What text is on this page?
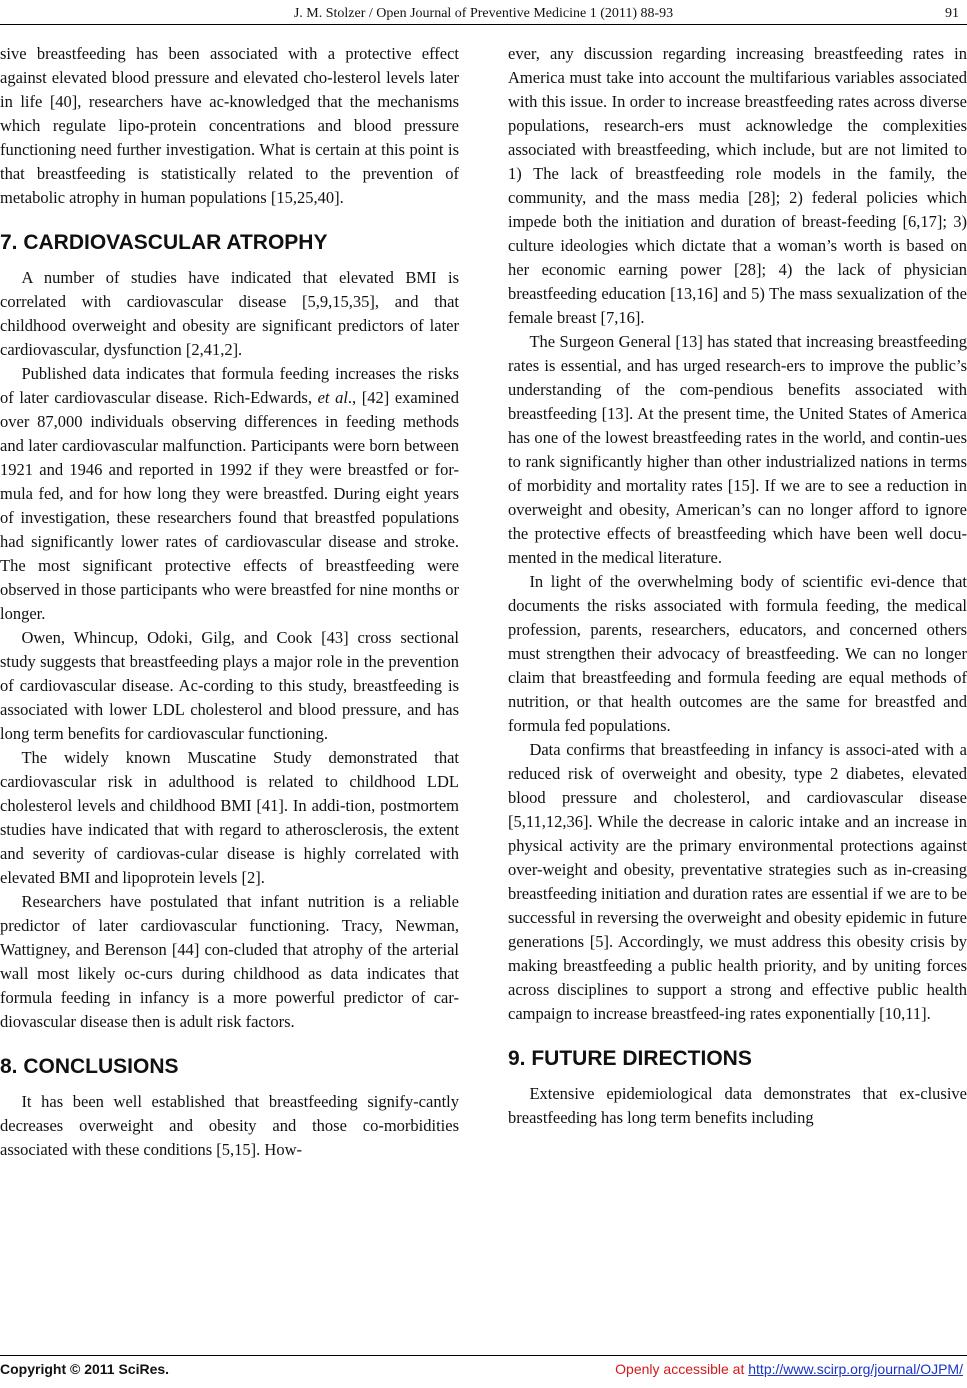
J. M. Stolzer / Open Journal of Preventive Medicine 1 (2011) 88-93	91

sive breastfeeding has been associated with a protective effect against elevated blood pressure and elevated cho-lesterol levels later in life [40], researchers have ac-knowledged that the mechanisms which regulate lipo-protein concentrations and blood pressure functioning need further investigation. What is certain at this point is that breastfeeding is statistically related to the prevention of metabolic atrophy in human populations [15,25,40].

7. CARDIOVASCULAR ATROPHY

A number of studies have indicated that elevated BMI is correlated with cardiovascular disease [5,9,15,35], and that childhood overweight and obesity are significant predictors of later cardiovascular, dysfunction [2,41,2].

Published data indicates that formula feeding increases the risks of later cardiovascular disease. Rich-Edwards, et al., [42] examined over 87,000 individuals observing differences in feeding methods and later cardiovascular malfunction. Participants were born between 1921 and 1946 and reported in 1992 if they were breastfed or for-mula fed, and for how long they were breastfed. During eight years of investigation, these researchers found that breastfed populations had significantly lower rates of cardiovascular disease and stroke. The most significant protective effects of breastfeeding were observed in those participants who were breastfed for nine months or longer.

Owen, Whincup, Odoki, Gilg, and Cook [43] cross sectional study suggests that breastfeeding plays a major role in the prevention of cardiovascular disease. Ac-cording to this study, breastfeeding is associated with lower LDL cholesterol and blood pressure, and has long term benefits for cardiovascular functioning.

The widely known Muscatine Study demonstrated that cardiovascular risk in adulthood is related to childhood LDL cholesterol levels and childhood BMI [41]. In addi-tion, postmortem studies have indicated that with regard to atherosclerosis, the extent and severity of cardiovas-cular disease is highly correlated with elevated BMI and lipoprotein levels [2].

Researchers have postulated that infant nutrition is a reliable predictor of later cardiovascular functioning. Tracy, Newman, Wattigney, and Berenson [44] con-cluded that atrophy of the arterial wall most likely oc-curs during childhood as data indicates that formula feeding in infancy is a more powerful predictor of car-diovascular disease then is adult risk factors.

8. CONCLUSIONS

It has been well established that breastfeeding signify-cantly decreases overweight and obesity and those co-morbidities associated with these conditions [5,15]. How-

ever, any discussion regarding increasing breastfeeding rates in America must take into account the multifarious variables associated with this issue. In order to increase breastfeeding rates across diverse populations, research-ers must acknowledge the complexities associated with breastfeeding, which include, but are not limited to 1) The lack of breastfeeding role models in the family, the community, and the mass media [28]; 2) federal policies which impede both the initiation and duration of breast-feeding [6,17]; 3) culture ideologies which dictate that a woman’s worth is based on her economic earning power [28]; 4) the lack of physician breastfeeding education [13,16] and 5) The mass sexualization of the female breast [7,16].

The Surgeon General [13] has stated that increasing breastfeeding rates is essential, and has urged research-ers to improve the public’s understanding of the com-pendious benefits associated with breastfeeding [13]. At the present time, the United States of America has one of the lowest breastfeeding rates in the world, and contin-ues to rank significantly higher than other industrialized nations in terms of morbidity and mortality rates [15]. If we are to see a reduction in overweight and obesity, American’s can no longer afford to ignore the protective effects of breastfeeding which have been well docu-mented in the medical literature.

In light of the overwhelming body of scientific evi-dence that documents the risks associated with formula feeding, the medical profession, parents, researchers, educators, and concerned others must strengthen their advocacy of breastfeeding. We can no longer claim that breastfeeding and formula feeding are equal methods of nutrition, or that health outcomes are the same for breastfed and formula fed populations.

Data confirms that breastfeeding in infancy is associ-ated with a reduced risk of overweight and obesity, type 2 diabetes, elevated blood pressure and cholesterol, and cardiovascular disease [5,11,12,36]. While the decrease in caloric intake and an increase in physical activity are the primary environmental protections against over-weight and obesity, preventative strategies such as in-creasing breastfeeding initiation and duration rates are essential if we are to be successful in reversing the overweight and obesity epidemic in future generations [5]. Accordingly, we must address this obesity crisis by making breastfeeding a public health priority, and by uniting forces across disciplines to support a strong and effective public health campaign to increase breastfeed-ing rates exponentially [10,11].

9. FUTURE DIRECTIONS

Extensive epidemiological data demonstrates that ex-clusive breastfeeding has long term benefits including

Copyright © 2011 SciRes.	Openly accessible at http://www.scirp.org/journal/OJPM/
